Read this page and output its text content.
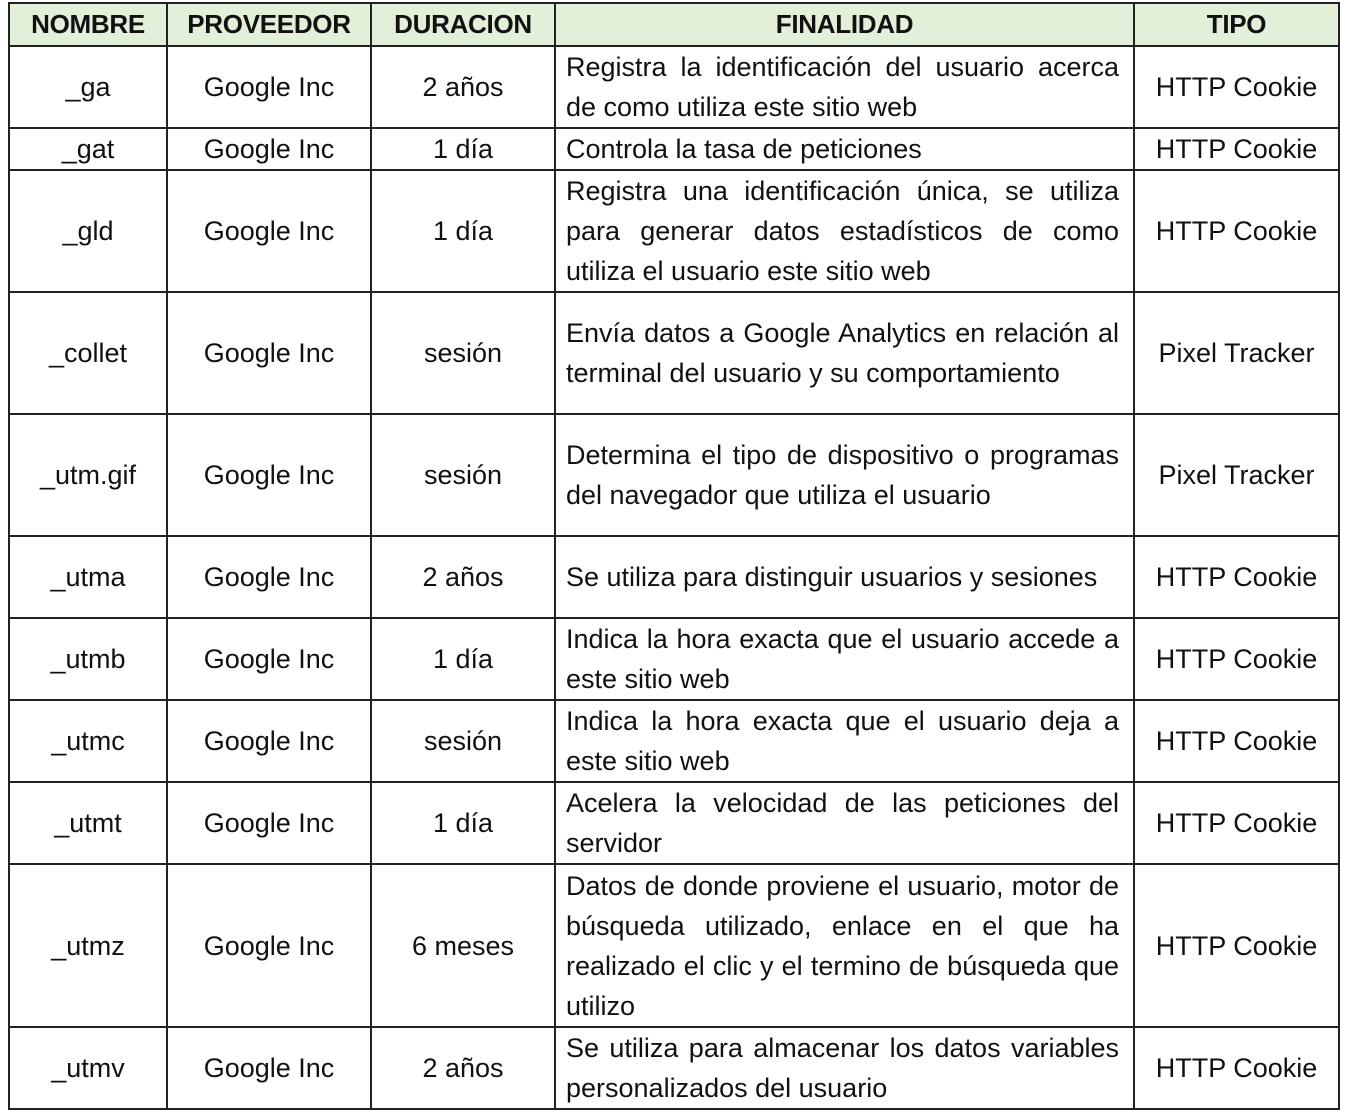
NOMBRE	PROVEEDOR	DURACION	FINALIDAD	TIPO
_ga	Google Inc	2 años	Registra la identificación del usuario acerca de como utiliza este sitio web	HTTP Cookie
_gat	Google Inc	1 día	Controla la tasa de peticiones	HTTP Cookie
_gld	Google Inc	1 día	Registra una identificación única, se utiliza para generar datos estadísticos de como utiliza el usuario este sitio web	HTTP Cookie
_collet	Google Inc	sesión	Envía datos a Google Analytics en relación al terminal del usuario y su comportamiento	Pixel Tracker
_utm.gif	Google Inc	sesión	Determina el tipo de dispositivo o programas del navegador que utiliza el usuario	Pixel Tracker
_utma	Google Inc	2 años	Se utiliza para distinguir usuarios y sesiones	HTTP Cookie
_utmb	Google Inc	1 día	Indica la hora exacta que el usuario accede a este sitio web	HTTP Cookie
_utmc	Google Inc	sesión	Indica la hora exacta que el usuario deja a este sitio web	HTTP Cookie
_utmt	Google Inc	1 día	Acelera la velocidad de las peticiones del servidor	HTTP Cookie
_utmz	Google Inc	6 meses	Datos de donde proviene el usuario, motor de búsqueda utilizado, enlace en el que ha realizado el clic y el termino de búsqueda que utilizo	HTTP Cookie
_utmv	Google Inc	2 años	Se utiliza para almacenar los datos variables personalizados del usuario	HTTP Cookie
